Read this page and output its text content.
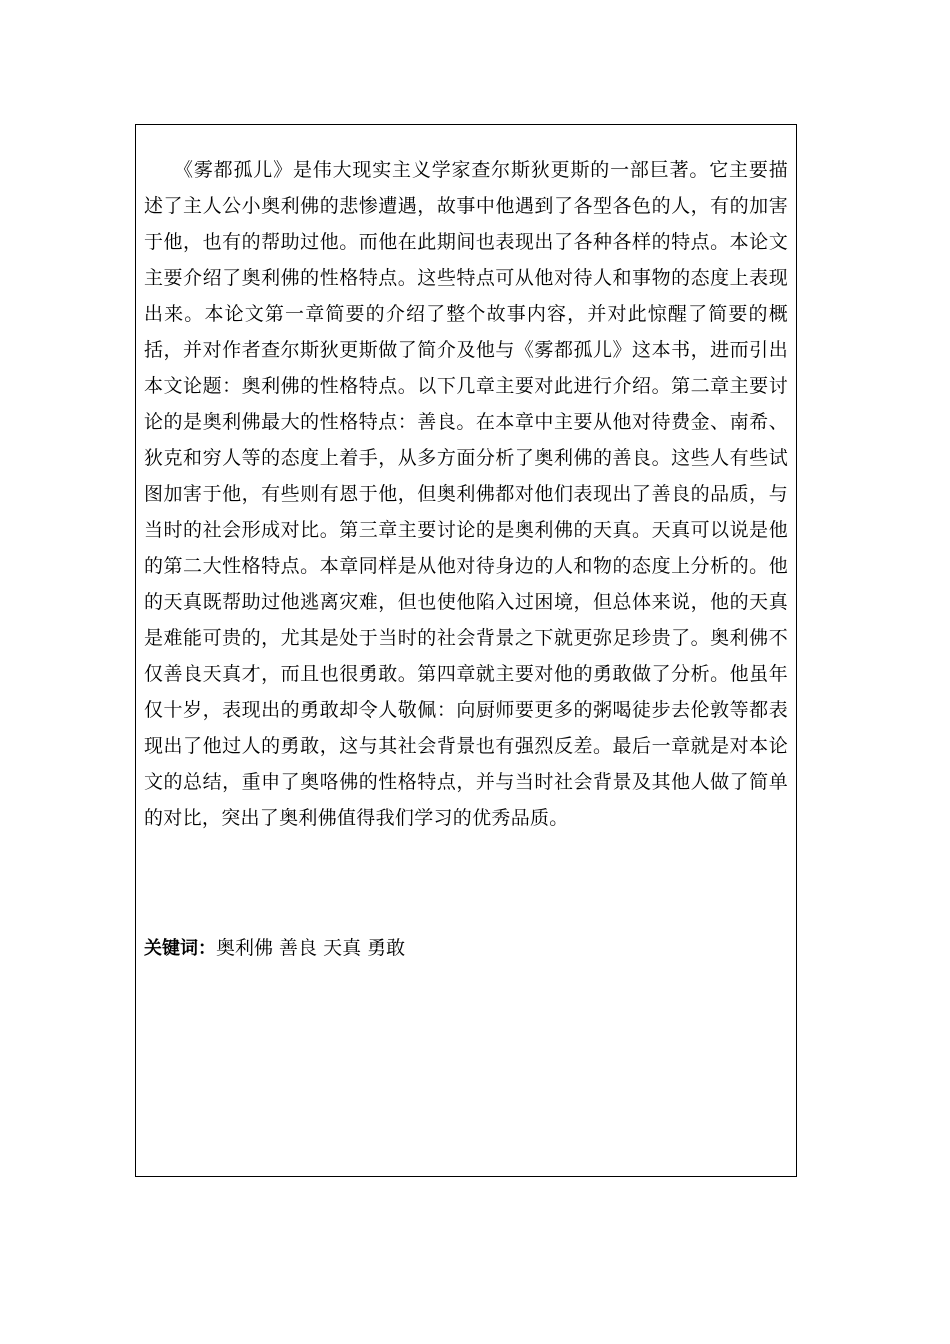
《雾都孤儿》是伟大现实主义学家查尔斯狄更斯的一部巨著。它主要描述了主人公小奥利佛的悲惨遭遇，故事中他遇到了各型各色的人，有的加害于他，也有的帮助过他。而他在此期间也表现出了各种各样的特点。本论文主要介绍了奥利佛的性格特点。这些特点可从他对待人和事物的态度上表现出来。本论文第一章简要的介绍了整个故事内容，并对此惊醒了简要的概括，并对作者查尔斯狄更斯做了简介及他与《雾都孤儿》这本书，进而引出本文论题：奥利佛的性格特点。以下几章主要对此进行介绍。第二章主要讨论的是奥利佛最大的性格特点：善良。在本章中主要从他对待费金、南希、狄克和穷人等的态度上着手，从多方面分析了奥利佛的善良。这些人有些试图加害于他，有些则有恩于他，但奥利佛都对他们表现出了善良的品质，与当时的社会形成对比。第三章主要讨论的是奥利佛的天真。天真可以说是他的第二大性格特点。本章同样是从他对待身边的人和物的态度上分析的。他的天真既帮助过他逃离灾难，但也使他陷入过困境，但总体来说，他的天真是难能可贵的，尤其是处于当时的社会背景之下就更弥足珍贵了。奥利佛不仅善良天真才，而且也很勇敢。第四章就主要对他的勇敢做了分析。他虽年仅十岁，表现出的勇敢却令人敬佩：向厨师要更多的粥喝徒步去伦敦等都表现出了他过人的勇敢，这与其社会背景也有强烈反差。最后一章就是对本论文的总结，重申了奥咯佛的性格特点，并与当时社会背景及其他人做了简单的对比，突出了奥利佛值得我们学习的优秀品质。

关键词：奥利佛 善良 天真 勇敢
